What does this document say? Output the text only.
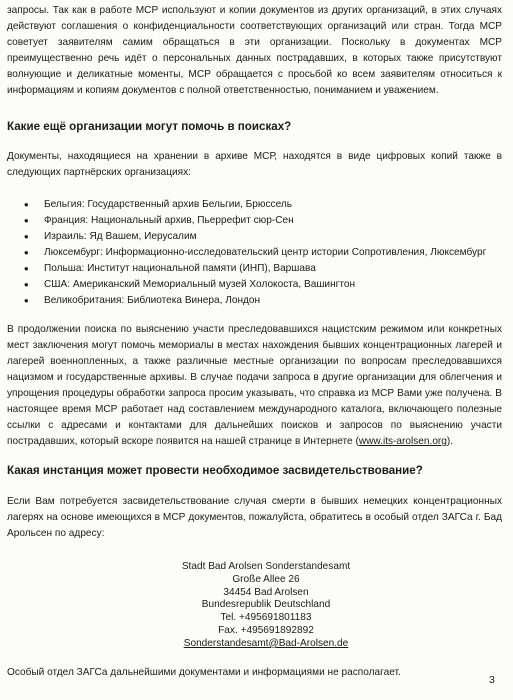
запросы. Так как в работе МСР используют и копии документов из других организаций, в этих случаях действуют соглашения о конфиденциальности соответствующих организаций или стран. Тогда МСР советует заявителям самим обращаться в эти организации. Поскольку в документах МСР преимущественно речь идёт о персональных данных пострадавших, в которых также присутствуют волнующие и деликатные моменты, МСР обращается с просьбой ко всем заявителям относиться к информациям и копиям документов с полной ответственностью, пониманием и уважением.

Какие ещё организации могут помочь в поисках?

Документы, находящиеся на хранении в архиве МСР, находятся в виде цифровых копий также в следующих партнёрских организациях:

• Бельгия: Государственный архив Бельгии, Брюссель
• Франция: Национальный архив, Пьеррефит сюр-Сен
• Израиль: Яд Вашем, Иерусалим
• Люксембург: Информационно-исследовательский центр истории Сопротивления, Люксембург
• Польша: Институт национальной памяти (ИНП), Варшава
• США: Американский Мемориальный музей Холокоста, Вашингтон
• Великобритания: Библиотека Винера, Лондон

В продолжении поиска по выяснению участи преследовавшихся нацистским режимом или конкретных мест заключения могут помочь мемориалы в местах нахождения бывших концентрационных лагерей и лагерей военнопленных, а также различные местные организации по вопросам преследовавшихся нацизмом и государственные архивы. В случае подачи запроса в другие организации для облегчения и упрощения процедуры обработки запроса просим указывать, что справка из МСР Вами уже получена. В настоящее время МСР работает над составлением международного каталога, включающего полезные ссылки с адресами и контактами для дальнейших поисков и запросов по выяснению участи пострадавших, который вскоре появится на нашей странице в Интернете (www.its-arolsen.org).

Какая инстанция может провести необходимое засвидетельствование?

Если Вам потребуется засвидетельствование случая смерти в бывших немецких концентрационных лагерях на основе имеющихся в МСР документов, пожалуйста, обратитесь в особый отдел ЗАГСа г. Бад Арольсен по адресу:

Stadt Bad Arolsen Sonderstandesamt
Große Allee 26
34454 Bad Arolsen
Bundesrepublik Deutschland
Tel. +495691801183
Fax. +495691892892
Sonderstandesamt@Bad-Arolsen.de

Особый отдел ЗАГСа дальнейшими документами и информациями не располагает.

3
